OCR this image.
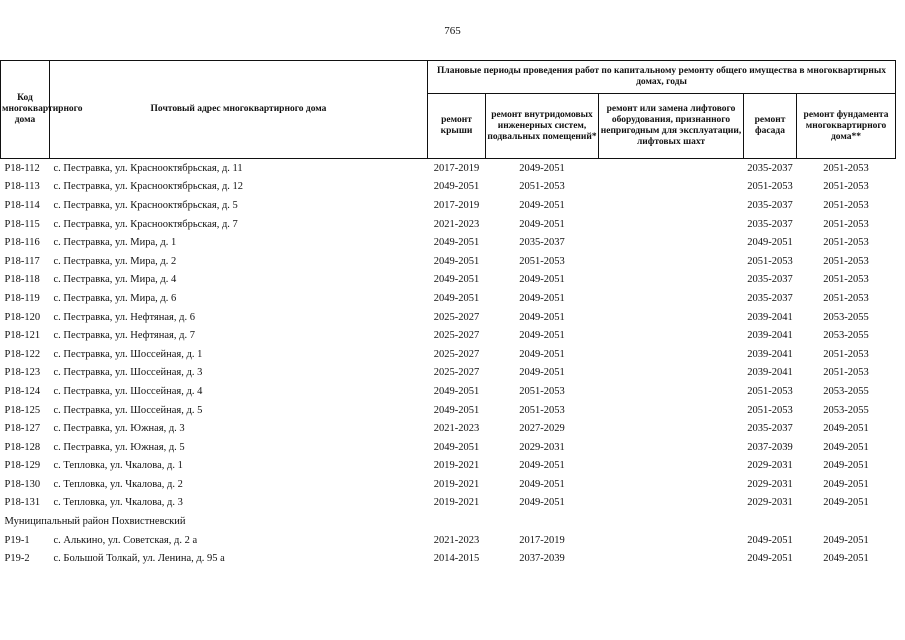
765
Код многоквартирного дома	Почтовый адрес многоквартирного дома	Плановые периоды проведения работ по капитальному ремонту общего имущества в многоквартирных домах, годы				
		ремонт крыши	ремонт внутридомовых инженерных систем, подвальных помещений*	ремонт или замена лифтового оборудования, признанного непригодным для эксплуатации, лифтовых шахт	ремонт фасада	ремонт фундамента многоквартирного дома**
Р18-112	с. Пестравка, ул. Краснооктябрьская, д. 11	2017-2019	2049-2051		2035-2037	2051-2053
Р18-113	с. Пестравка, ул. Краснооктябрьская, д. 12	2049-2051	2051-2053		2051-2053	2051-2053
Р18-114	с. Пестравка, ул. Краснооктябрьская, д. 5	2017-2019	2049-2051		2035-2037	2051-2053
Р18-115	с. Пестравка, ул. Краснооктябрьская, д. 7	2021-2023	2049-2051		2035-2037	2051-2053
Р18-116	с. Пестравка, ул. Мира, д. 1	2049-2051	2035-2037		2049-2051	2051-2053
Р18-117	с. Пестравка, ул. Мира, д. 2	2049-2051	2051-2053		2051-2053	2051-2053
Р18-118	с. Пестравка, ул. Мира, д. 4	2049-2051	2049-2051		2035-2037	2051-2053
Р18-119	с. Пестравка, ул. Мира, д. 6	2049-2051	2049-2051		2035-2037	2051-2053
Р18-120	с. Пестравка, ул. Нефтяная, д. 6	2025-2027	2049-2051		2039-2041	2053-2055
Р18-121	с. Пестравка, ул. Нефтяная, д. 7	2025-2027	2049-2051		2039-2041	2053-2055
Р18-122	с. Пестравка, ул. Шоссейная, д. 1	2025-2027	2049-2051		2039-2041	2051-2053
Р18-123	с. Пестравка, ул. Шоссейная, д. 3	2025-2027	2049-2051		2039-2041	2051-2053
Р18-124	с. Пестравка, ул. Шоссейная, д. 4	2049-2051	2051-2053		2051-2053	2053-2055
Р18-125	с. Пестравка, ул. Шоссейная, д. 5	2049-2051	2051-2053		2051-2053	2053-2055
Р18-127	с. Пестравка, ул. Южная, д. 3	2021-2023	2027-2029		2035-2037	2049-2051
Р18-128	с. Пестравка, ул. Южная, д. 5	2049-2051	2029-2031		2037-2039	2049-2051
Р18-129	с. Тепловка, ул. Чкалова, д. 1	2019-2021	2049-2051		2029-2031	2049-2051
Р18-130	с. Тепловка, ул. Чкалова, д. 2	2019-2021	2049-2051		2029-2031	2049-2051
Р18-131	с. Тепловка, ул. Чкалова, д. 3	2019-2021	2049-2051		2029-2031	2049-2051
Муниципальный район Похвистневский						
Р19-1	с. Алькино, ул. Советская, д. 2 а	2021-2023	2017-2019		2049-2051	2049-2051
Р19-2	с. Большой Толкай, ул. Ленина, д. 95 а	2014-2015	2037-2039		2049-2051	2049-2051
